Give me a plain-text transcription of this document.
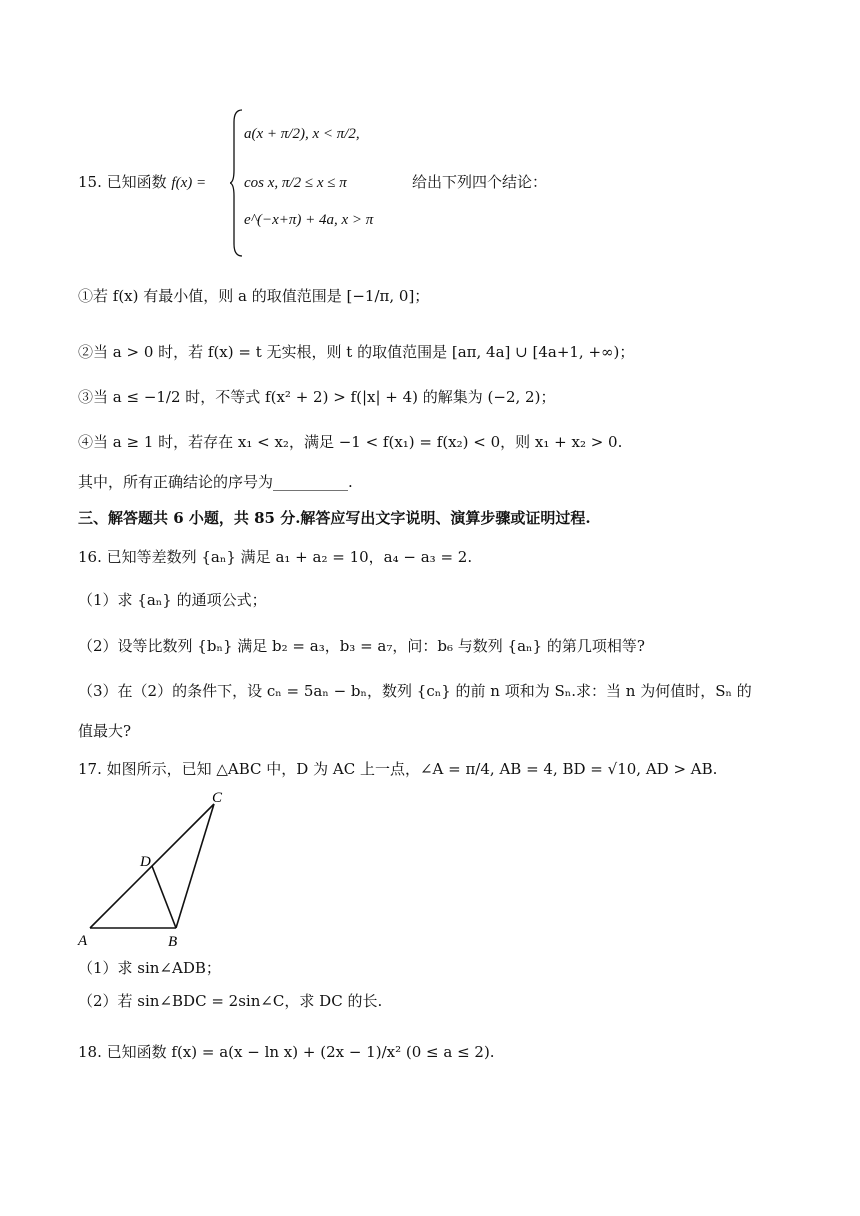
15. 已知函数 f(x) =
a(x + π/2), x < π/2,
cos x, π/2 ≤ x ≤ π
e^(−x+π) + 4a, x > π
给出下列四个结论：
①若 f(x) 有最小值，则 a 的取值范围是 [−1/π, 0]；
②当 a > 0 时，若 f(x) = t 无实根，则 t 的取值范围是 [aπ, 4a] ∪ [4a+1, +∞)；
③当 a ≤ −1/2 时，不等式 f(x² + 2) > f(|x| + 4) 的解集为 (−2, 2)；
④当 a ≥ 1 时，若存在 x₁ < x₂，满足 −1 < f(x₁) = f(x₂) < 0，则 x₁ + x₂ > 0.
其中，所有正确结论的序号为__________.
三、解答题共 6 小题，共 85 分.解答应写出文字说明、演算步骤或证明过程.
16. 已知等差数列 {aₙ} 满足 a₁ + a₂ = 10，a₄ − a₃ = 2.
（1）求 {aₙ} 的通项公式；
（2）设等比数列 {bₙ} 满足 b₂ = a₃，b₃ = a₇，问：b₆ 与数列 {aₙ} 的第几项相等?
（3）在（2）的条件下，设 cₙ = 5aₙ − bₙ，数列 {cₙ} 的前 n 项和为 Sₙ.求：当 n 为何值时，Sₙ 的
值最大?
17. 如图所示，已知 △ABC 中，D 为 AC 上一点，∠A = π/4, AB = 4, BD = √10, AD > AB.
A	B
C
D
（1）求 sin∠ADB；
（2）若 sin∠BDC = 2sin∠C，求 DC 的长.
18. 已知函数 f(x) = a(x − ln x) + (2x − 1)/x² (0 ≤ a ≤ 2).
